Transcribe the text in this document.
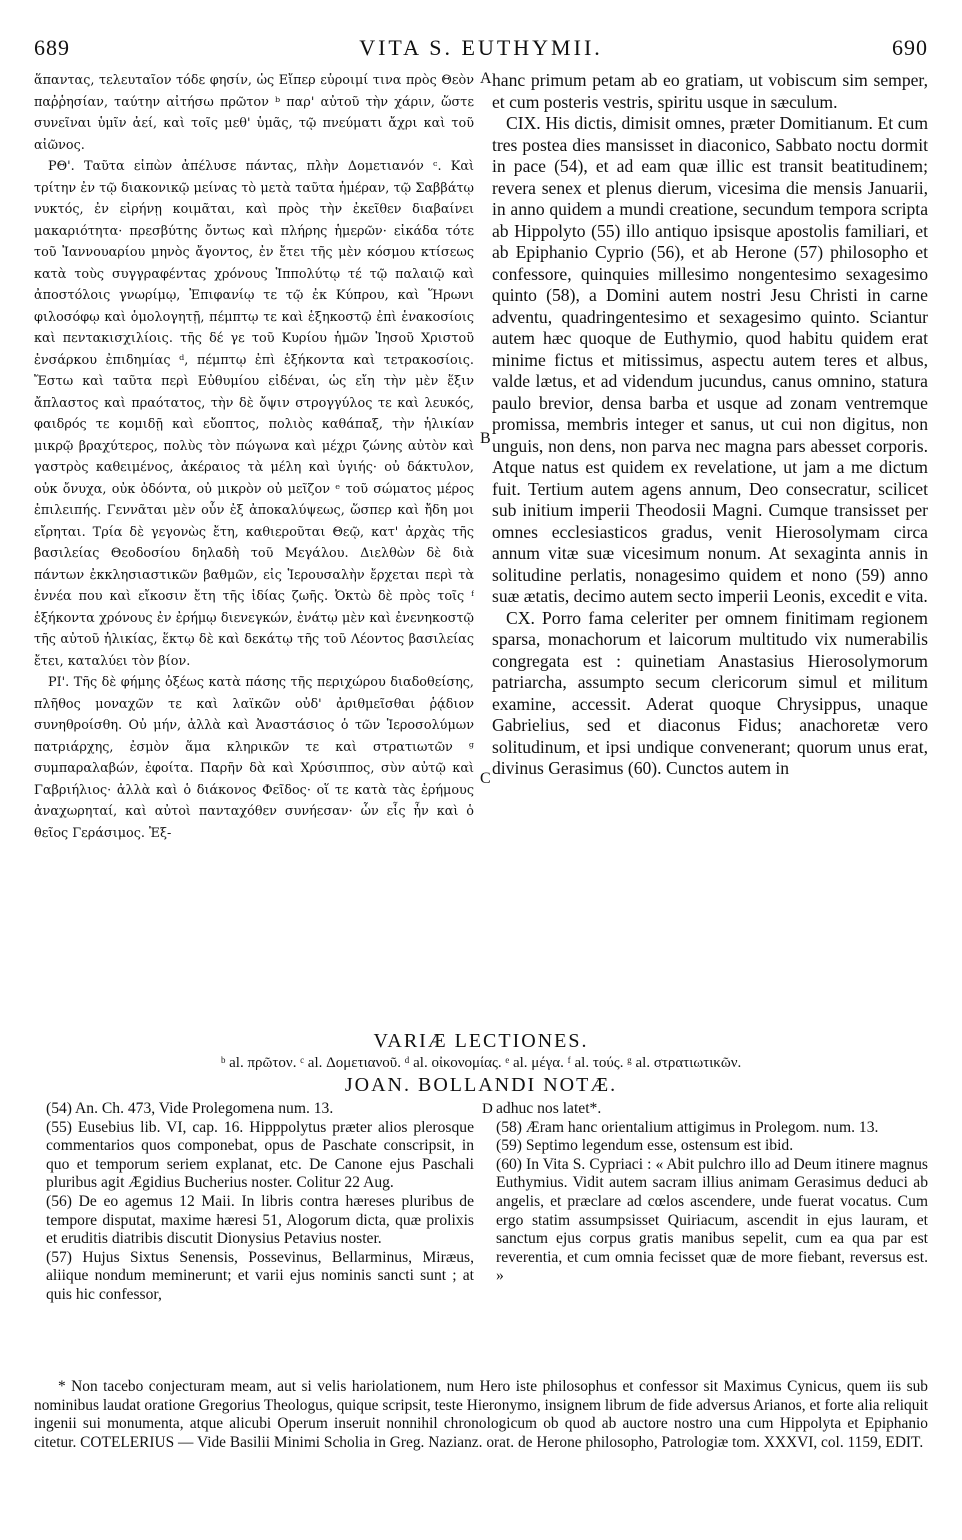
689	VITA S. EUTHYMII.	690

ἅπαντας, τελευταῖον τόδε φησίν, ὡς Εἴπερ εὑροιμί τινα πρὸς Θεὸν παῤῥησίαν, ταύτην αἰτήσω πρῶτον ᵇ παρ' αὐτοῦ τὴν χάριν, ὥστε συνεῖναι ὑμῖν ἀεί, καὶ τοῖς μεθ' ὑμᾶς, τῷ πνεύματι ἄχρι καὶ τοῦ αἰῶνος.

ΡΘ'. Ταῦτα εἰπὼν ἀπέλυσε πάντας, πλὴν Δομετιανόν ᶜ. Καὶ τρίτην ἐν τῷ διακονικῷ μείνας τὸ μετὰ ταῦτα ἡμέραν, τῷ Σαββάτῳ νυκτός, ἐν εἰρήνῃ κοιμᾶται, καὶ πρὸς τὴν ἐκεῖθεν διαβαίνει μακαριότητα· πρεσβύτης ὄντως καὶ πλήρης ἡμερῶν· εἰκάδα τότε τοῦ Ἰαννουαρίου μηνὸς ἄγοντος, ἐν ἔτει τῆς μὲν κόσμου κτίσεως κατὰ τοὺς συγγραφέντας χρόνους Ἱππολύτῳ τέ τῷ παλαιῷ καὶ ἀποστόλοις γνωρίμῳ, Ἐπιφανίῳ τε τῷ ἐκ Κύπρου, καὶ Ἥρωνι φιλοσόφῳ καὶ ὁμολογητῇ, πέμπτῳ τε καὶ ἑξηκοστῷ ἐπὶ ἑνακοσίοις καὶ πεντακισχιλίοις. τῆς δέ γε τοῦ Κυρίου ἡμῶν Ἰησοῦ Χριστοῦ ἐνσάρκου ἐπιδημίας ᵈ, πέμπτῳ ἐπὶ ἑξήκοντα καὶ τετρακοσίοις. Ἔστω καὶ ταῦτα περὶ Εὐθυμίου εἰδέναι, ὡς εἴη τὴν μὲν ἕξιν ἄπλαστος καὶ πραότατος, τὴν δὲ ὄψιν στρογγύλος τε καὶ λευκός, φαιδρός τε κομιδῇ καὶ εὔοπτος, πολιὸς καθάπαξ, τὴν ἡλικίαν μικρῷ βραχύτερος, πολὺς τὸν πώγωνα καὶ μέχρι ζώνης αὐτὸν καὶ γαστρὸς καθειμένος, ἀκέραιος τὰ μέλη καὶ ὑγιής· οὐ δάκτυλον, οὐκ ὄνυχα, οὐκ ὀδόντα, οὐ μικρὸν οὐ μεῖζον ᵉ τοῦ σώματος μέρος ἐπιλειπής. Γεννᾶται μὲν οὖν ἐξ ἀποκαλύψεως, ὥσπερ καὶ ἤδη μοι εἴρηται. Τρία δὲ γεγονὼς ἔτη, καθιεροῦται Θεῷ, κατ' ἀρχὰς τῆς βασιλείας Θεοδοσίου δηλαδὴ τοῦ Μεγάλου. Διελθὼν δὲ διὰ πάντων ἐκκλησιαστικῶν βαθμῶν, εἰς Ἱερουσαλὴν ἔρχεται περὶ τὰ ἐννέα που καὶ εἴκοσιν ἔτη τῆς ἰδίας ζωῆς. Ὀκτὼ δὲ πρὸς τοῖς ᶠ ἑξήκοντα χρόνους ἐν ἐρήμῳ διενεγκών, ἐνάτῳ μὲν καὶ ἐνενηκοστῷ τῆς αὐτοῦ ἡλικίας, ἕκτῳ δὲ καὶ δεκάτῳ τῆς τοῦ Λέοντος βασιλείας ἔτει, καταλύει τὸν βίον.

ΡΙ'. Τῆς δὲ φήμης ὀξέως κατὰ πάσης τῆς περιχώρου διαδοθείσης, πλῆθος μοναχῶν τε καὶ λαϊκῶν οὐδ' ἀριθμεῖσθαι ῥᾴδιον συνηθροίσθη. Οὐ μήν, ἀλλὰ καὶ Ἀναστάσιος ὁ τῶν Ἱεροσολύμων πατριάρχης, ἐσμὸν ἅμα κληρικῶν τε καὶ στρατιωτῶν ᵍ συμπαραλαβών, ἐφοίτα. Παρῆν δὰ καὶ Χρύσιππος, σὺν αὐτῷ καὶ Γαβριήλιος· ἀλλὰ καὶ ὁ διάκονος Φεῖδος· οἵ τε κατὰ τὰς ἐρήμους ἀναχωρηταί, καὶ αὐτοὶ πανταχόθεν συνήεσαν· ὧν εἷς ἦν καὶ ὁ θεῖος Γεράσιμος. Ἐξ-

A
B
C

hanc primum petam ab eo gratiam, ut vobiscum sim semper, et cum posteris vestris, spiritu usque in sæculum.

CIX. His dictis, dimisit omnes, præter Domitianum. Et cum tres postea dies mansisset in diaconico, Sabbato noctu dormit in pace (54), et ad eam quæ illic est transit beatitudinem; revera senex et plenus dierum, vicesima die mensis Januarii, in anno quidem a mundi creatione, secundum tempora scripta ab Hippolyto (55) illo antiquo ipsisque apostolis familiari, et ab Epiphanio Cyprio (56), et ab Herone (57) philosopho et confessore, quinquies millesimo nongentesimo sexagesimo quinto (58), a Domini autem nostri Jesu Christi in carne adventu, quadringentesimo et sexagesimo quinto. Sciantur autem hæc quoque de Euthymio, quod habitu quidem erat minime fictus et mitissimus, aspectu autem teres et albus, valde lætus, et ad videndum jucundus, canus omnino, statura paulo brevior, densa barba et usque ad zonam ventremque promissa, membris integer et sanus, ut cui non digitus, non unguis, non dens, non parva nec magna pars abesset corporis. Atque natus est quidem ex revelatione, ut jam a me dictum fuit. Tertium autem agens annum, Deo consecratur, scilicet sub initium imperii Theodosii Magni. Cumque transisset per omnes ecclesiasticos gradus, venit Hierosolymam circa annum vitæ suæ vicesimum nonum. At sexaginta annis in solitudine perlatis, nonagesimo quidem et nono (59) anno suæ ætatis, decimo autem secto imperii Leonis, excedit e vita.

CX. Porro fama celeriter per omnem finitimam regionem sparsa, monachorum et laicorum multitudo vix numerabilis congregata est : quinetiam Anastasius Hierosolymorum patriarcha, assumpto secum clericorum simul et militum examine, accessit. Aderat quoque Chrysippus, unaque Gabrielius, sed et diaconus Fidus; anachoretæ vero solitudinum, et ipsi undique convenerant; quorum unus erat, divinus Gerasimus (60). Cunctos autem in

VARIÆ LECTIONES.
ᵇ al. πρῶτον. ᶜ al. Δομετιανοῦ. ᵈ al. οἰκονομίας. ᵉ al. μέγα. ᶠ al. τούς. ᵍ al. στρατιωτικῶν.
JOAN. BOLLANDI NOTÆ.

(54) An. Ch. 473, Vide Prolegomena num. 13.

(55) Eusebius lib. VI, cap. 16. Hipppolytus præter alios plerosque commentarios quos componebat, opus de Paschate conscripsit, in quo et temporum seriem explanat, etc. De Canone ejus Paschali pluribus agit Ægidius Bucherius noster. Colitur 22 Aug.

(56) De eo agemus 12 Maii. In libris contra hæreses pluribus de tempore disputat, maxime hæresi 51, Alogorum dicta, quæ prolixis et eruditis diatribis discutit Dionysius Petavius noster.

(57) Hujus Sixtus Senensis, Possevinus, Bellarminus, Miræus, aliique nondum meminerunt; et varii ejus nominis sancti sunt ; at quis hic confessor,

D adhuc nos latet*.

(58) Æram hanc orientalium attigimus in Prolegom. num. 13.

(59) Septimo legendum esse, ostensum est ibid.

(60) In Vita S. Cypriaci : « Abit pulchro illo ad Deum itinere magnus Euthymius. Vidit autem sacram illius animam Gerasimus deduci ab angelis, et præclare ad cœlos ascendere, unde fuerat vocatus. Cum ergo statim assumpsisset Quiriacum, ascendit in ejus lauram, et sanctum ejus corpus gratis manibus sepelit, cum ea qua par est reverentia, et cum omnia fecisset quæ de more fiebant, reversus est. »

* Non tacebo conjecturam meam, aut si velis hariolationem, num Hero iste philosophus et confessor sit Maximus Cynicus, quem iis sub nominibus laudat oratione Gregorius Theologus, quique scripsit, teste Hieronymo, insignem librum de fide adversus Arianos, et forte alia reliquit ingenii sui monumenta, atque alicubi Operum inseruit nonnihil chronologicum ob quod ab auctore nostro una cum Hippolyta et Epiphanio citetur. COTELERIUS — Vide Basilii Minimi Scholia in Greg. Nazianz. orat. de Herone philosopho, Patrologiæ tom. XXXVI, col. 1159, EDIT.
